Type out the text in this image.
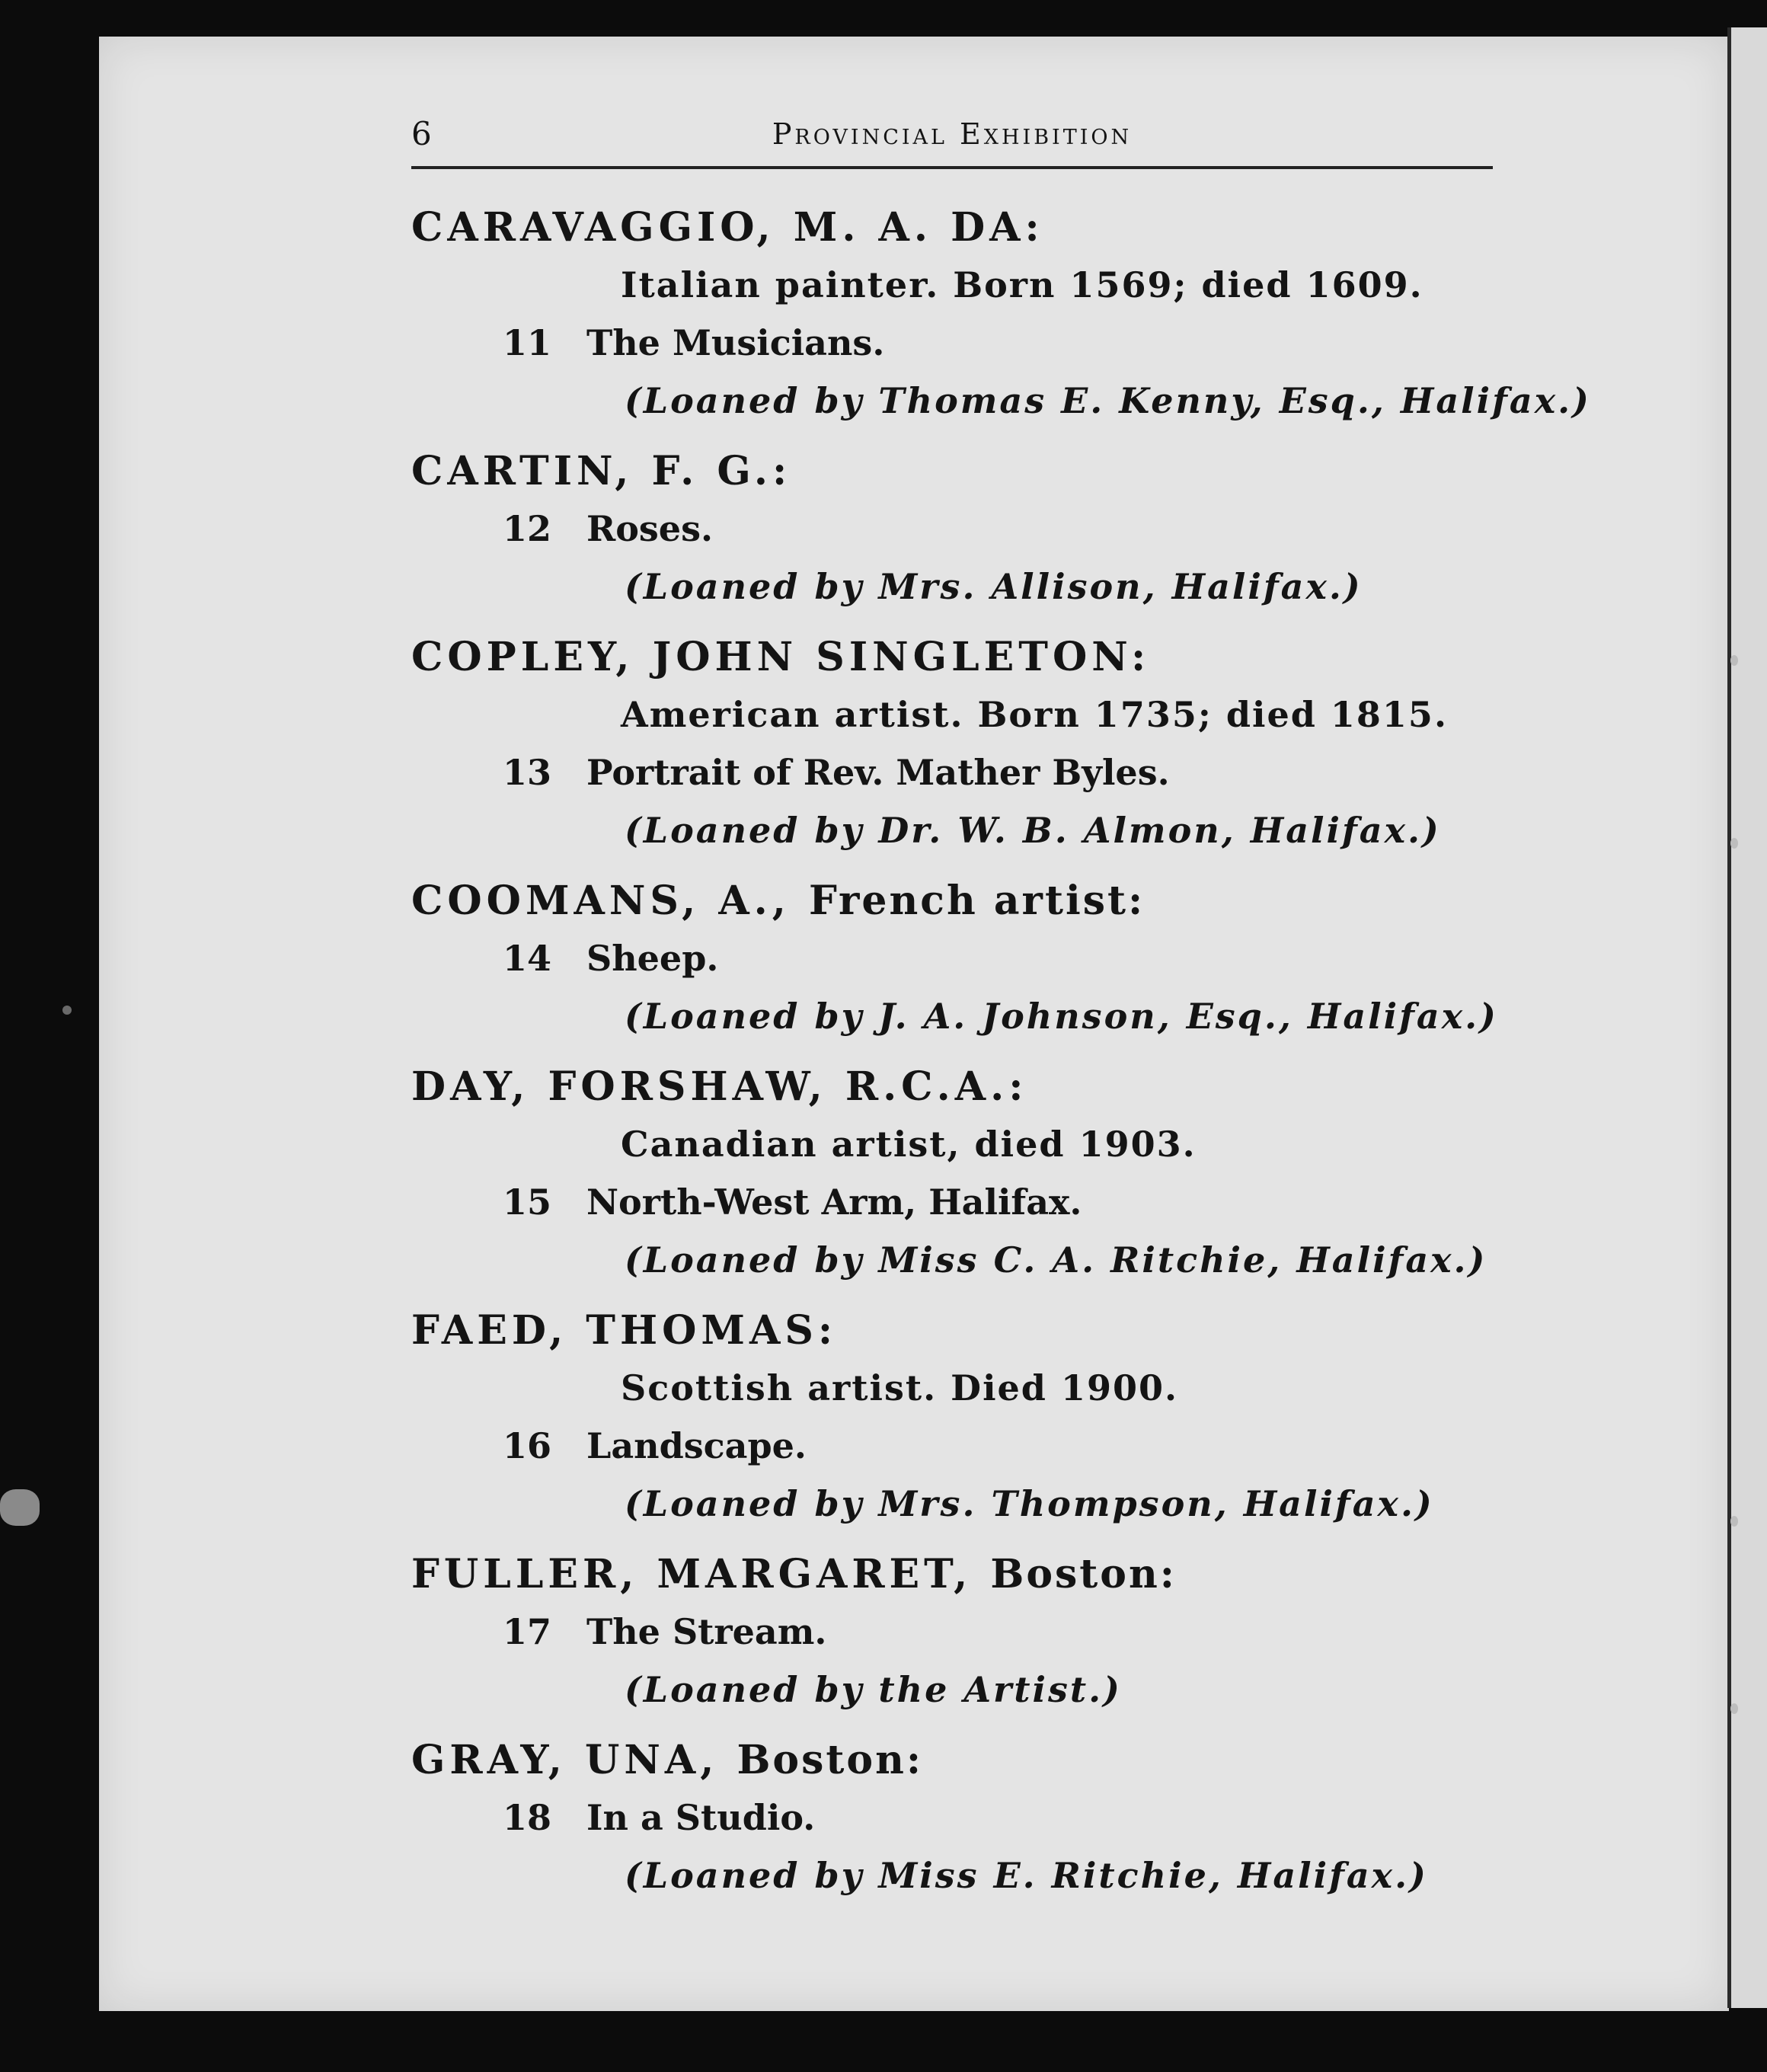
6	Provincial Exhibition
CARAVAGGIO, M. A. DA:
Italian painter. Born 1569; died 1609.
11 The Musicians.
(Loaned by Thomas E. Kenny, Esq., Halifax.)
CARTIN, F. G.:
12 Roses.
(Loaned by Mrs. Allison, Halifax.)
COPLEY, JOHN SINGLETON:
American artist. Born 1735; died 1815.
13 Portrait of Rev. Mather Byles.
(Loaned by Dr. W. B. Almon, Halifax.)
COOMANS, A., French artist:
14 Sheep.
(Loaned by J. A. Johnson, Esq., Halifax.)
DAY, FORSHAW, R.C.A.:
Canadian artist, died 1903.
15 North-West Arm, Halifax.
(Loaned by Miss C. A. Ritchie, Halifax.)
FAED, THOMAS:
Scottish artist. Died 1900.
16 Landscape.
(Loaned by Mrs. Thompson, Halifax.)
FULLER, MARGARET, Boston:
17 The Stream.
(Loaned by the Artist.)
GRAY, UNA, Boston:
18 In a Studio.
(Loaned by Miss E. Ritchie, Halifax.)
